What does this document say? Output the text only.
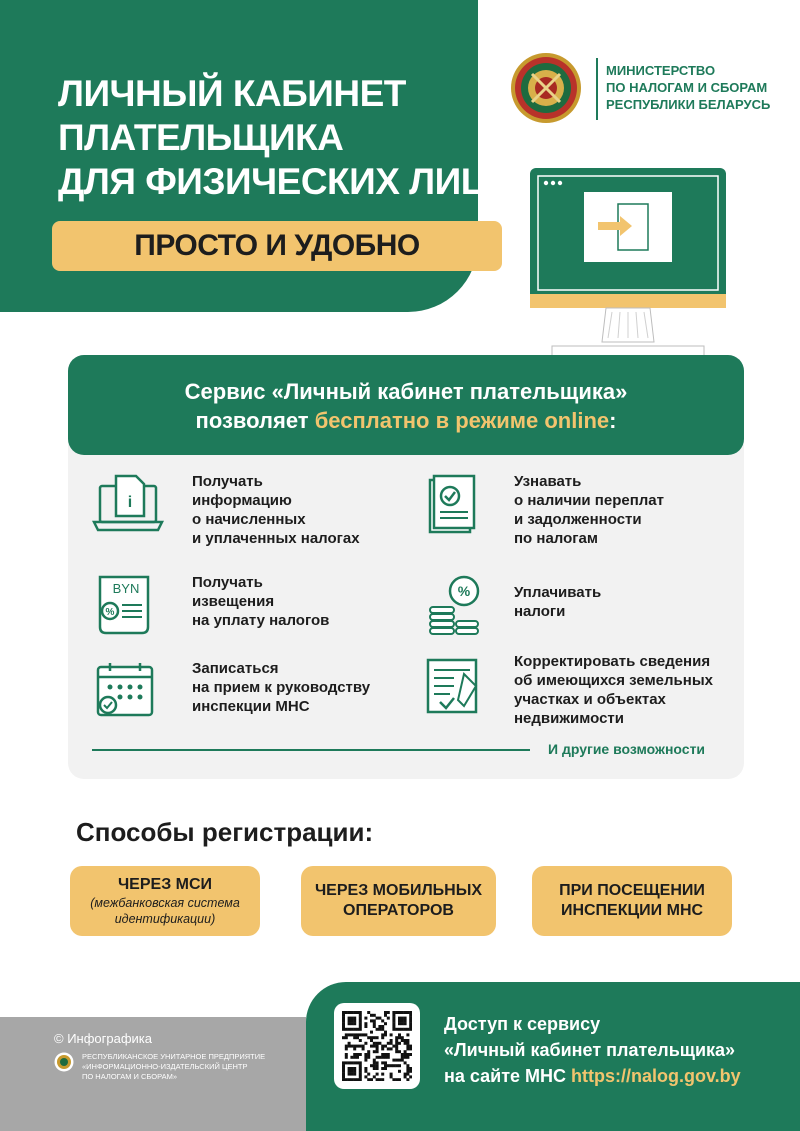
ЛИЧНЫЙ КАБИНЕТ
ПЛАТЕЛЬЩИКА
ДЛЯ ФИЗИЧЕСКИХ ЛИЦ
ПРОСТО И УДОБНО
МИНИСТЕРСТВО
ПО НАЛОГАМ И СБОРАМ
РЕСПУБЛИКИ БЕЛАРУСЬ
Сервис «Личный кабинет плательщика»
позволяет бесплатно в режиме online:
i
Получать
информацию
о начисленных
и уплаченных налогах
Узнавать
о наличии переплат
и задолженности
по налогам
BYN
%
Получать
извещения
на уплату налогов
%	Уплачивать
налоги
Записаться
на прием к руководству
инспекции МНС
Корректировать сведения
об имеющихся земельных
участках и объектах
недвижимости
И другие возможности
Способы регистрации:
ЧЕРЕЗ МСИ
(межбанковская система
идентификации)
ЧЕРЕЗ МОБИЛЬНЫХ
ОПЕРАТОРОВ
ПРИ ПОСЕЩЕНИИ
ИНСПЕКЦИИ МНС
© Инфографика
РЕСПУБЛИКАНСКОЕ УНИТАРНОЕ ПРЕДПРИЯТИЕ
«ИНФОРМАЦИОННО-ИЗДАТЕЛЬСКИЙ ЦЕНТР
ПО НАЛОГАМ И СБОРАМ»
Доступ к сервису
«Личный кабинет плательщика»
на сайте МНС https://nalog.gov.by
